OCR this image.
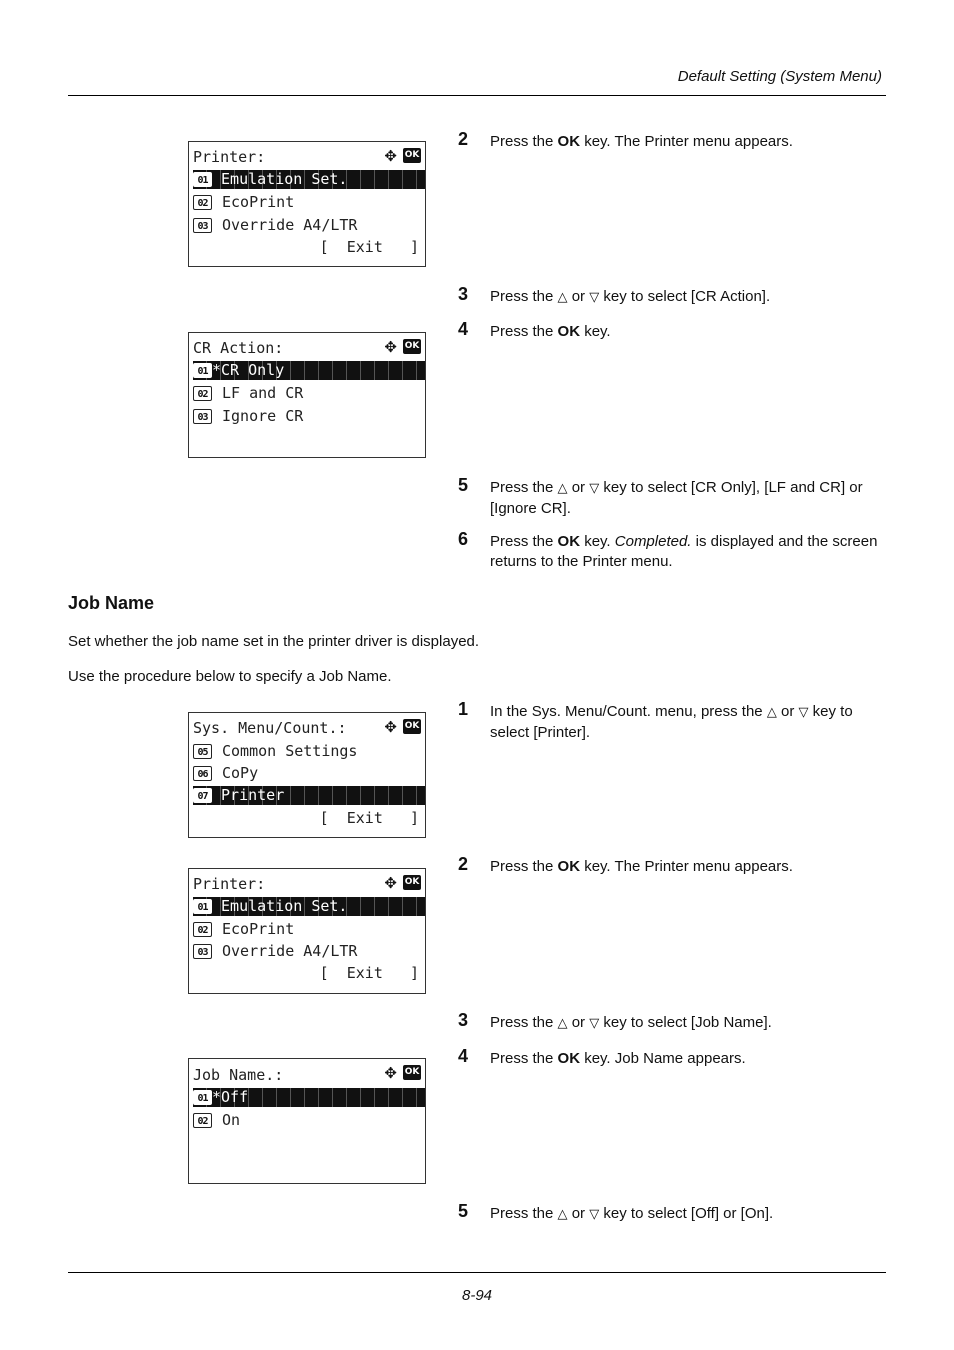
Default Setting (System Menu)
Printer:	✥ OK
01 Emulation Set.
02 EcoPrint
03 Override A4/LTR
[  Exit   ]
CR Action:	✥ OK
01 *CR Only
02 LF and CR
03 Ignore CR
2 Press the OK key. The Printer menu appears.
3 Press the △ or ▽ key to select [CR Action].
4 Press the OK key.
5 Press the △ or ▽ key to select [CR Only], [LF and CR] or [Ignore CR].
6 Press the OK key. Completed. is displayed and the screen returns to the Printer menu.
Job Name
Set whether the job name set in the printer driver is displayed.
Use the procedure below to specify a Job Name.
Sys. Menu/Count.:	✥ OK
05 Common Settings
06 CoPy
07 Printer
[  Exit   ]
Printer:	✥ OK
01 Emulation Set.
02 EcoPrint
03 Override A4/LTR
[  Exit   ]
Job Name.:	✥ OK
01 *Off
02 On
1 In the Sys. Menu/Count. menu, press the △ or ▽ key to select [Printer].
2 Press the OK key. The Printer menu appears.
3 Press the △ or ▽ key to select [Job Name].
4 Press the OK key. Job Name appears.
5 Press the △ or ▽ key to select [Off] or [On].
8-94
